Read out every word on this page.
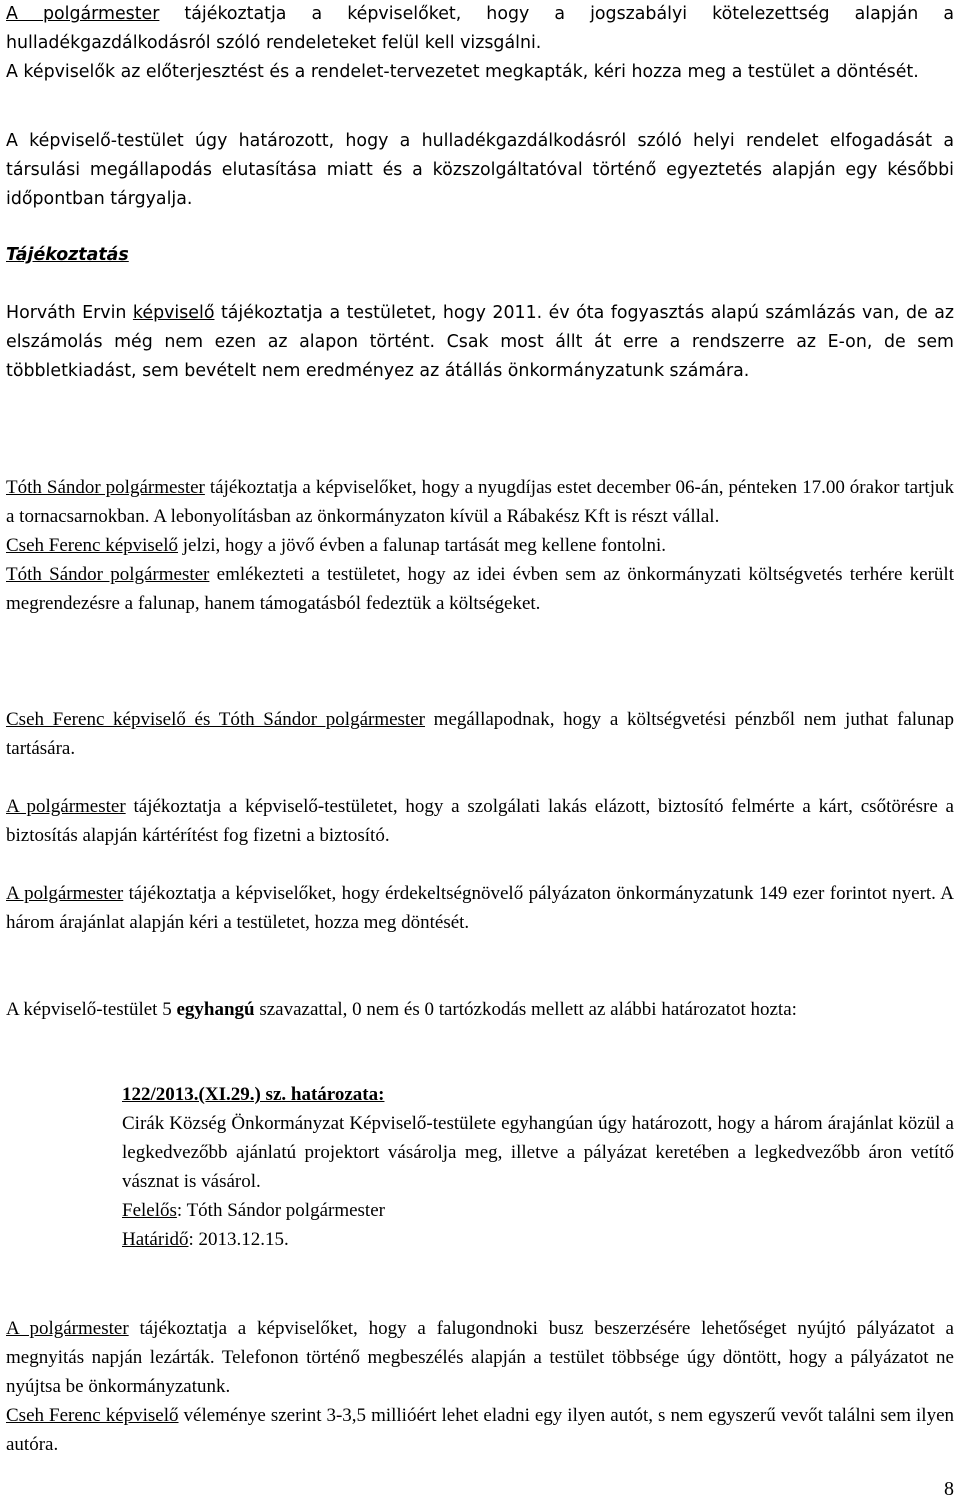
A polgármester tájékoztatja a képviselőket, hogy a jogszabályi kötelezettség alapján a hulladékgazdálkodásról szóló rendeleteket felül kell vizsgálni.

A képviselők az előterjesztést és a rendelet-tervezetet megkapták, kéri hozza meg a testület a döntését.

A képviselő-testület úgy határozott, hogy a hulladékgazdálkodásról szóló helyi rendelet elfogadását a társulási megállapodás elutasítása miatt és a közszolgáltatóval történő egyeztetés alapján egy későbbi időpontban tárgyalja.

Tájékoztatás

Horváth Ervin képviselő tájékoztatja a testületet, hogy 2011. év óta fogyasztás alapú számlázás van, de az elszámolás még nem ezen az alapon történt. Csak most állt át erre a rendszerre az E-on, de sem többletkiadást, sem bevételt nem eredményez az átállás önkormányzatunk számára.

Tóth Sándor polgármester tájékoztatja a képviselőket, hogy a nyugdíjas estet december 06-án, pénteken 17.00 órakor tartjuk a tornacsarnokban. A lebonyolításban az önkormányzaton kívül a Rábakész Kft is részt vállal.

Cseh Ferenc képviselő jelzi, hogy a jövő évben a falunap tartását meg kellene fontolni.

Tóth Sándor polgármester emlékezteti a testületet, hogy az idei évben sem az önkormányzati költségvetés terhére került megrendezésre a falunap, hanem támogatásból fedeztük a költségeket.

Cseh Ferenc képviselő és Tóth Sándor polgármester megállapodnak, hogy a költségvetési pénzből nem juthat falunap tartására.

A polgármester tájékoztatja a képviselő-testületet, hogy a szolgálati lakás elázott, biztosító felmérte a kárt, csőtörésre a biztosítás alapján kártérítést fog fizetni a biztosító.

A polgármester tájékoztatja a képviselőket, hogy érdekeltségnövelő pályázaton önkormányzatunk 149 ezer forintot nyert. A három árajánlat alapján kéri a testületet, hozza meg döntését.

A képviselő-testület 5 egyhangú szavazattal, 0 nem és 0 tartózkodás mellett az alábbi határozatot hozta:

122/2013.(XI.29.) sz. határozata:

Cirák Község Önkormányzat Képviselő-testülete egyhangúan úgy határozott, hogy a három árajánlat közül a legkedvezőbb ajánlatú projektort vásárolja meg, illetve a pályázat keretében a legkedvezőbb áron vetítő vásznat is vásárol.

Felelős: Tóth Sándor polgármester

Határidő: 2013.12.15.

A polgármester tájékoztatja a képviselőket, hogy a falugondnoki busz beszerzésére lehetőséget nyújtó pályázatot a megnyitás napján lezárták. Telefonon történő megbeszélés alapján a testület többsége úgy döntött, hogy a pályázatot ne nyújtsa be önkormányzatunk.

Cseh Ferenc képviselő véleménye szerint 3-3,5 millióért lehet eladni egy ilyen autót, s nem egyszerű vevőt találni sem ilyen autóra.

8
